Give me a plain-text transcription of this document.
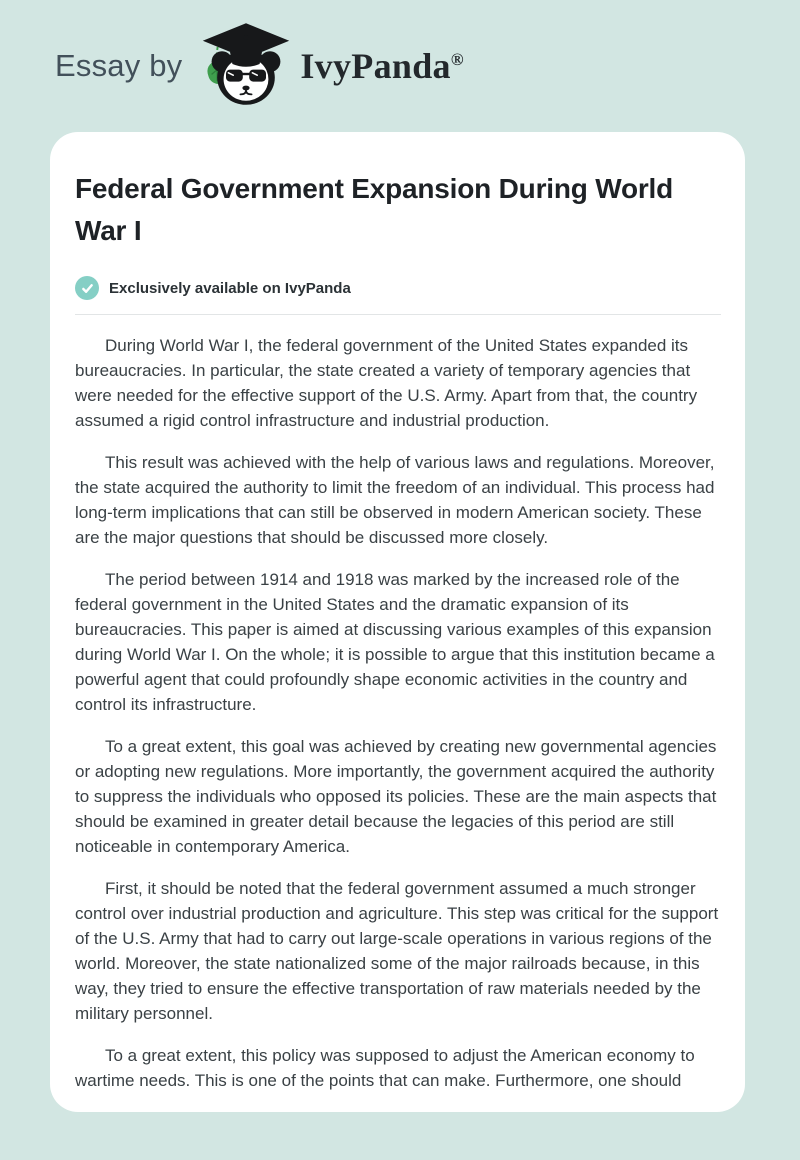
Essay by	IvyPanda®
Federal Government Expansion During World War I
Exclusively available on IvyPanda

During World War I, the federal government of the United States expanded its bureaucracies. In particular, the state created a variety of temporary agencies that were needed for the effective support of the U.S. Army. Apart from that, the country assumed a rigid control infrastructure and industrial production.

This result was achieved with the help of various laws and regulations. Moreover, the state acquired the authority to limit the freedom of an individual. This process had long-term implications that can still be observed in modern American society. These are the major questions that should be discussed more closely.

The period between 1914 and 1918 was marked by the increased role of the federal government in the United States and the dramatic expansion of its bureaucracies. This paper is aimed at discussing various examples of this expansion during World War I. On the whole; it is possible to argue that this institution became a powerful agent that could profoundly shape economic activities in the country and control its infrastructure.

To a great extent, this goal was achieved by creating new governmental agencies or adopting new regulations. More importantly, the government acquired the authority to suppress the individuals who opposed its policies. These are the main aspects that should be examined in greater detail because the legacies of this period are still noticeable in contemporary America.

First, it should be noted that the federal government assumed a much stronger control over industrial production and agriculture. This step was critical for the support of the U.S. Army that had to carry out large-scale operations in various regions of the world. Moreover, the state nationalized some of the major railroads because, in this way, they tried to ensure the effective transportation of raw materials needed by the military personnel.

To a great extent, this policy was supposed to adjust the American economy to wartime needs. This is one of the points that can make. Furthermore, one should
